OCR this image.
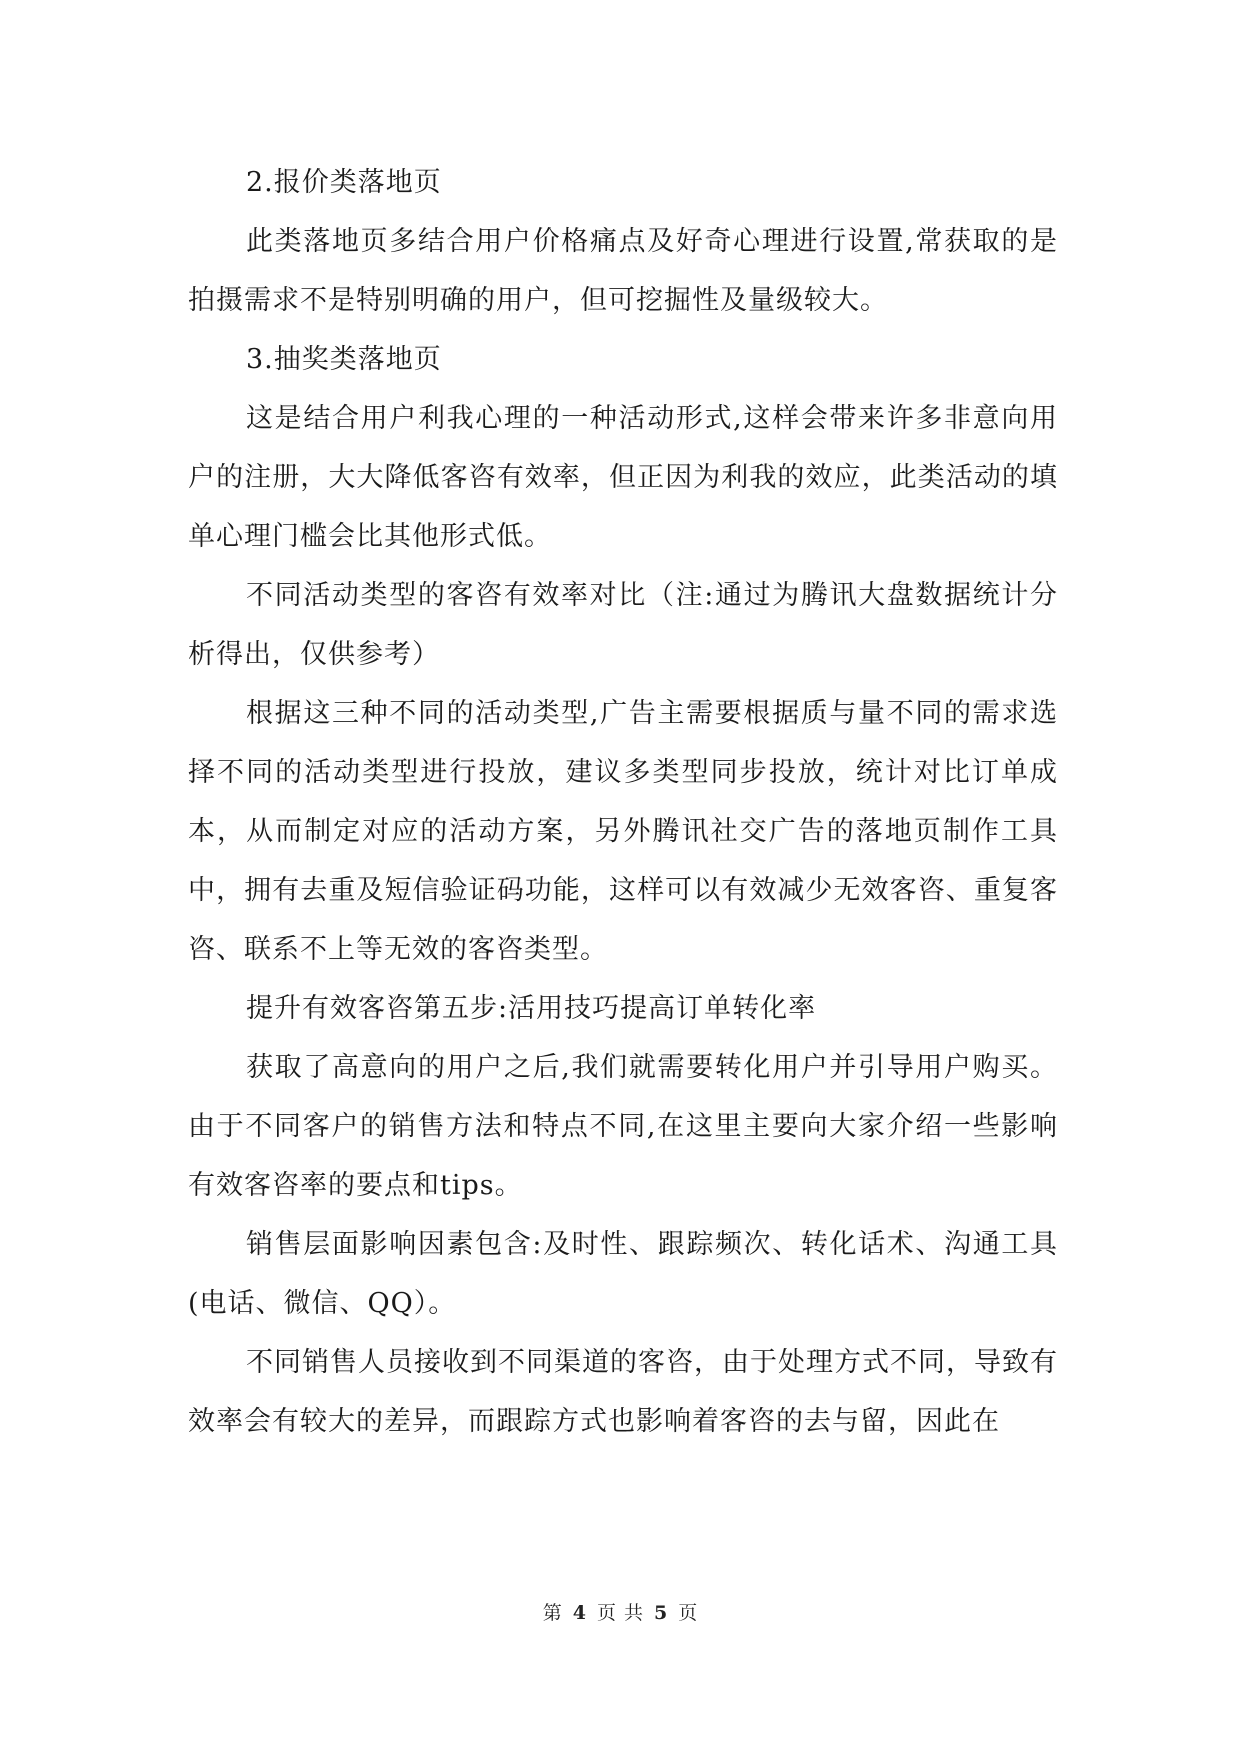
2.报价类落地页

此类落地页多结合用户价格痛点及好奇心理进行设置,常获取的是拍摄需求不是特别明确的用户，但可挖掘性及量级较大。

3.抽奖类落地页

这是结合用户利我心理的一种活动形式,这样会带来许多非意向用户的注册，大大降低客咨有效率，但正因为利我的效应，此类活动的填单心理门槛会比其他形式低。

不同活动类型的客咨有效率对比（注:通过为腾讯大盘数据统计分析得出，仅供参考）

根据这三种不同的活动类型,广告主需要根据质与量不同的需求选择不同的活动类型进行投放，建议多类型同步投放，统计对比订单成本，从而制定对应的活动方案，另外腾讯社交广告的落地页制作工具中，拥有去重及短信验证码功能，这样可以有效减少无效客咨、重复客咨、联系不上等无效的客咨类型。

提升有效客咨第五步:活用技巧提高订单转化率

获取了高意向的用户之后,我们就需要转化用户并引导用户购买。由于不同客户的销售方法和特点不同,在这里主要向大家介绍一些影响有效客咨率的要点和tips。

销售层面影响因素包含:及时性、跟踪频次、转化话术、沟通工具(电话、微信、QQ）。

不同销售人员接收到不同渠道的客咨，由于处理方式不同，导致有效率会有较大的差异，而跟踪方式也影响着客咨的去与留，因此在

第 4 页 共 5 页
